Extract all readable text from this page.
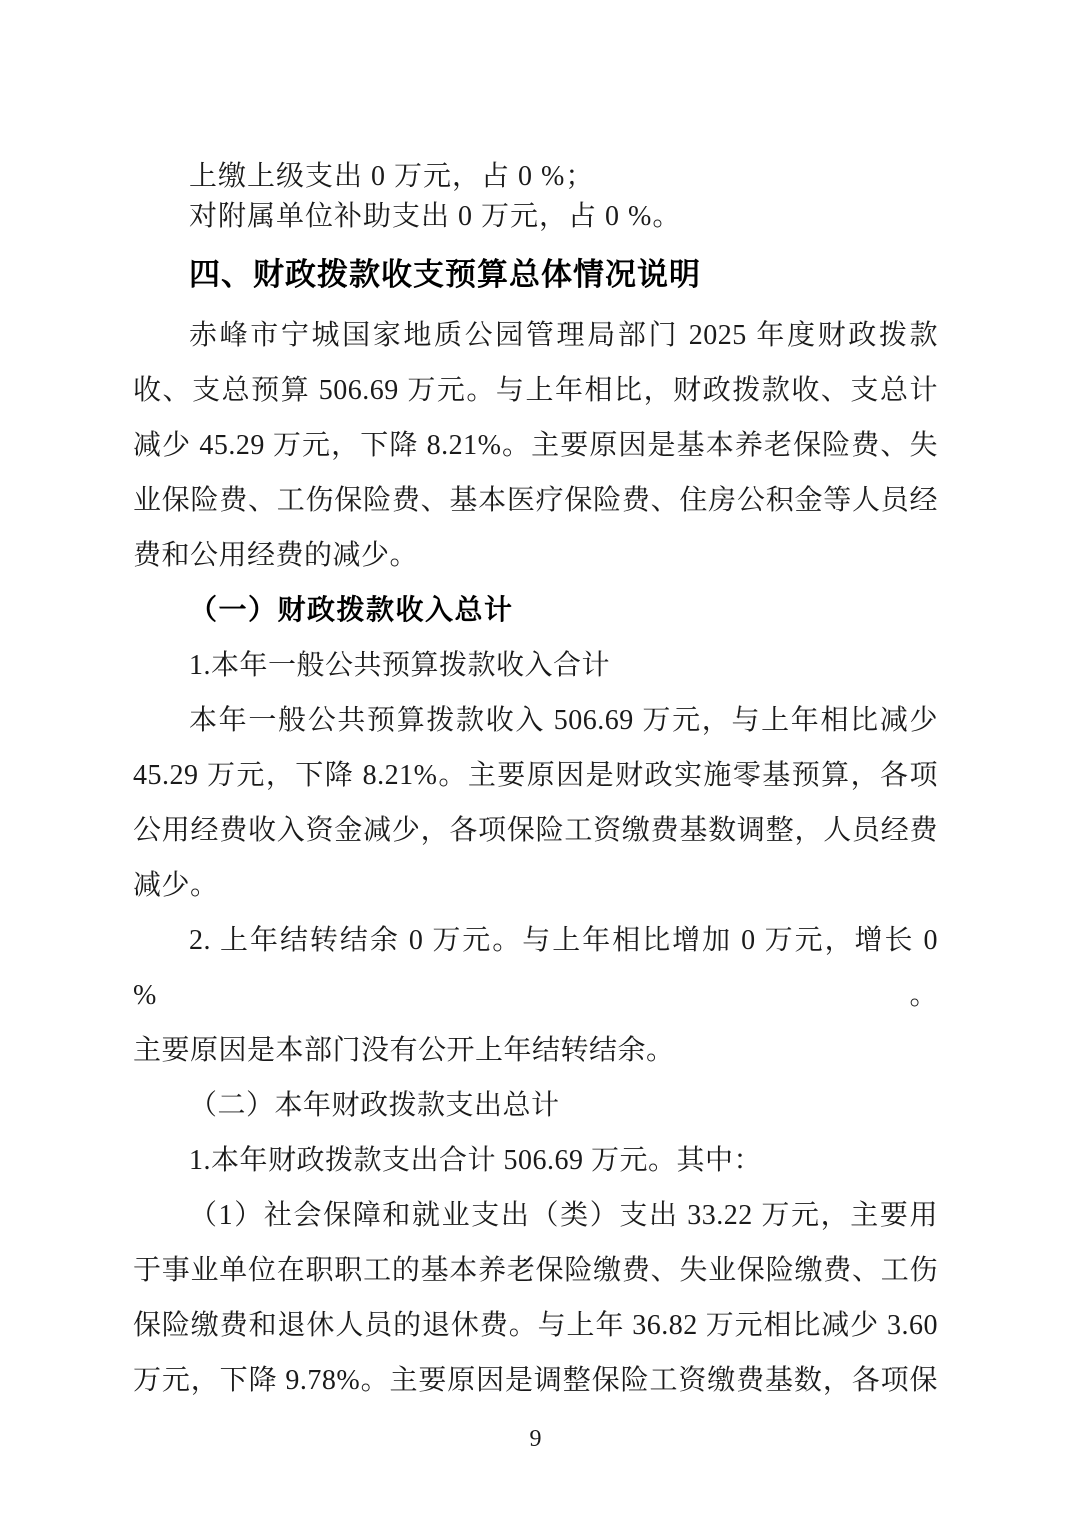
上缴上级支出 0 万元，占 0 %；
对附属单位补助支出 0 万元，占 0 %。
四、财政拨款收支预算总体情况说明
赤峰市宁城国家地质公园管理局部门 2025 年度财政拨款
收、支总预算 506.69 万元。与上年相比，财政拨款收、支总计
减少 45.29 万元，下降 8.21%。主要原因是基本养老保险费、失
业保险费、工伤保险费、基本医疗保险费、住房公积金等人员经
费和公用经费的减少。
（一）财政拨款收入总计
1.本年一般公共预算拨款收入合计
本年一般公共预算拨款收入 506.69 万元，与上年相比减少
45.29 万元，下降 8.21%。主要原因是财政实施零基预算，各项
公用经费收入资金减少，各项保险工资缴费基数调整，人员经费
减少。
2. 上年结转结余 0 万元。与上年相比增加 0 万元，增长 0 %。
主要原因是本部门没有公开上年结转结余。
（二）本年财政拨款支出总计
1.本年财政拨款支出合计 506.69 万元。其中：
（1）社会保障和就业支出（类）支出 33.22 万元，主要用
于事业单位在职职工的基本养老保险缴费、失业保险缴费、工伤
保险缴费和退休人员的退休费。与上年 36.82 万元相比减少 3.60
万元，下降 9.78%。主要原因是调整保险工资缴费基数，各项保
9
